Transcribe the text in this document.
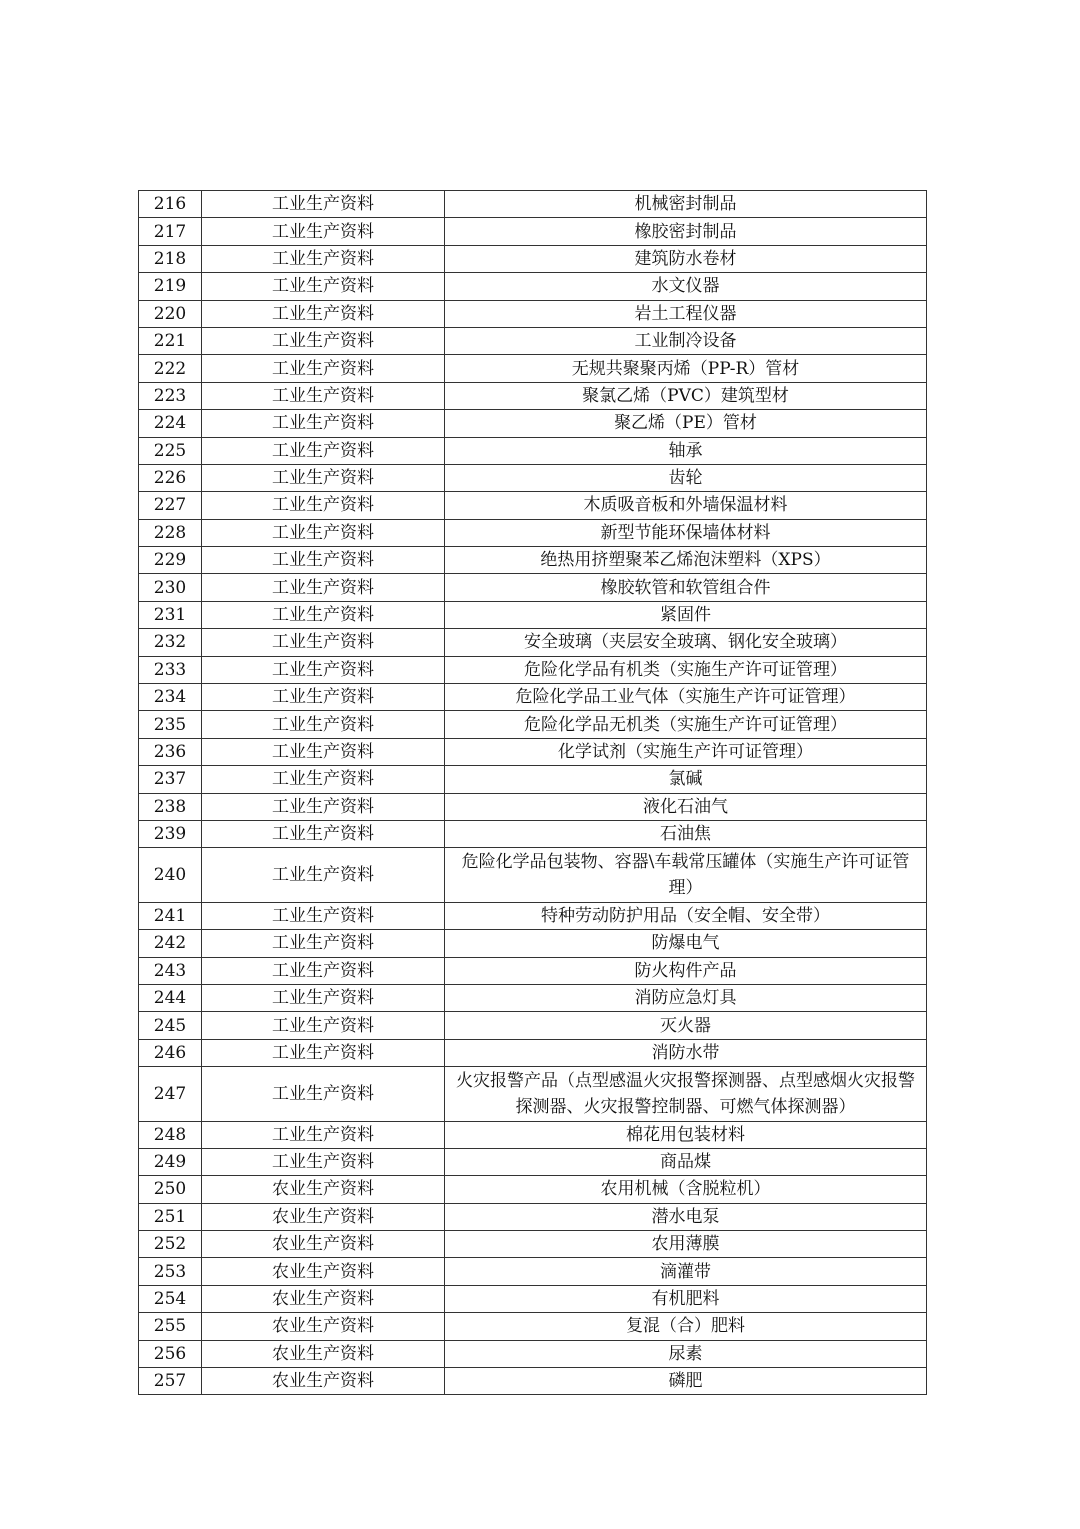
216	工业生产资料	机械密封制品
217	工业生产资料	橡胶密封制品
218	工业生产资料	建筑防水卷材
219	工业生产资料	水文仪器
220	工业生产资料	岩土工程仪器
221	工业生产资料	工业制冷设备
222	工业生产资料	无规共聚聚丙烯（PP-R）管材
223	工业生产资料	聚氯乙烯（PVC）建筑型材
224	工业生产资料	聚乙烯（PE）管材
225	工业生产资料	轴承
226	工业生产资料	齿轮
227	工业生产资料	木质吸音板和外墙保温材料
228	工业生产资料	新型节能环保墙体材料
229	工业生产资料	绝热用挤塑聚苯乙烯泡沫塑料（XPS）
230	工业生产资料	橡胶软管和软管组合件
231	工业生产资料	紧固件
232	工业生产资料	安全玻璃（夹层安全玻璃、钢化安全玻璃）
233	工业生产资料	危险化学品有机类（实施生产许可证管理）
234	工业生产资料	危险化学品工业气体（实施生产许可证管理）
235	工业生产资料	危险化学品无机类（实施生产许可证管理）
236	工业生产资料	化学试剂（实施生产许可证管理）
237	工业生产资料	氯碱
238	工业生产资料	液化石油气
239	工业生产资料	石油焦
240	工业生产资料	危险化学品包装物、容器\车载常压罐体（实施生产许可证管理）
241	工业生产资料	特种劳动防护用品（安全帽、安全带）
242	工业生产资料	防爆电气
243	工业生产资料	防火构件产品
244	工业生产资料	消防应急灯具
245	工业生产资料	灭火器
246	工业生产资料	消防水带
247	工业生产资料	火灾报警产品（点型感温火灾报警探测器、点型感烟火灾报警探测器、火灾报警控制器、可燃气体探测器）
248	工业生产资料	棉花用包装材料
249	工业生产资料	商品煤
250	农业生产资料	农用机械（含脱粒机）
251	农业生产资料	潜水电泵
252	农业生产资料	农用薄膜
253	农业生产资料	滴灌带
254	农业生产资料	有机肥料
255	农业生产资料	复混（合）肥料
256	农业生产资料	尿素
257	农业生产资料	磷肥
